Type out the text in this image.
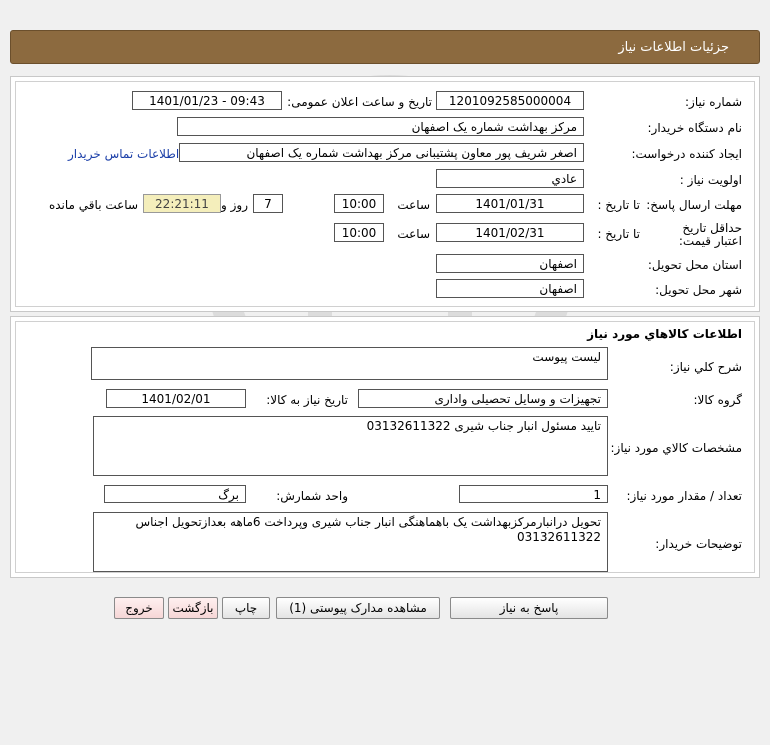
جزئیات اطلاعات نیاز
شماره نیاز:
1201092585000004
تاریخ و ساعت اعلان عمومی:
1401/01/23 - 09:43
نام دستگاه خریدار:
مرکز بهداشت شماره یک اصفهان
ایجاد کننده درخواست:
اصغر شریف پور معاون پشتیبانی مرکز بهداشت شماره یک اصفهان
اطلاعات تماس خریدار
اولویت نیاز :
عادي
مهلت ارسال پاسخ:
تا تاریخ :
1401/01/31
ساعت
10:00
7
روز و
22:21:11
ساعت باقي مانده
حداقل تاریخ اعتبار قیمت:
تا تاریخ :
1401/02/31
ساعت
10:00
استان محل تحویل:
اصفهان
شهر محل تحویل:
اصفهان
اطلاعات کالاهاي مورد نياز
شرح کلي نياز:
لیست پیوست
گروه کالا:
تجهیزات و وسایل تحصیلی واداری
تاریخ نیاز به کالا:
1401/02/01
مشخصات کالاي مورد نياز:
تایید مسئول انبار جناب شیری 03132611322
تعداد / مقدار مورد نیاز:
1
واحد شمارش:
برگ
توضیحات خریدار:
تحویل درانبارمرکزبهداشت یک باهماهنگی انبار جناب شیری وپرداخت 6ماهه بعدازتحویل اجناس 03132611322
پاسخ به نیاز
مشاهده مدارک پیوستی (1)
چاپ
بازگشت
خروج
